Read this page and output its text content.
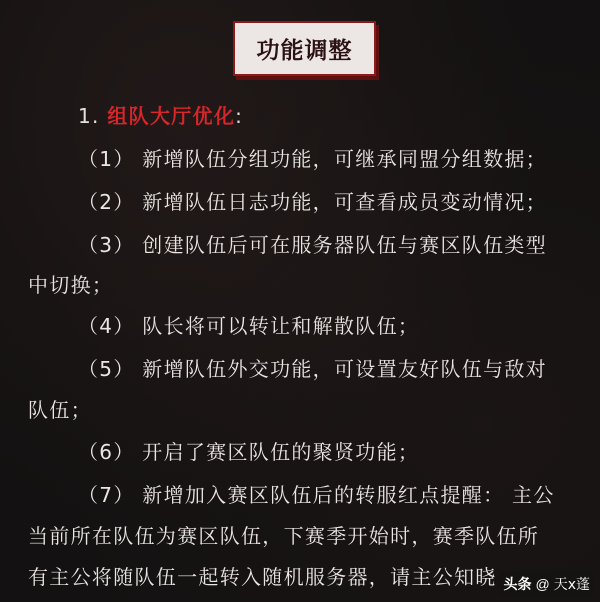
功能调整
1. 组队大厅优化:
（1） 新增队伍分组功能，可继承同盟分组数据；
（2） 新增队伍日志功能，可查看成员变动情况；
（3） 创建队伍后可在服务器队伍与赛区队伍类型
中切换；
（4） 队长将可以转让和解散队伍；
（5） 新增队伍外交功能，可设置友好队伍与敌对
队伍；
（6） 开启了赛区队伍的聚贤功能；
（7） 新增加入赛区队伍后的转服红点提醒： 主公
当前所在队伍为赛区队伍，下赛季开始时，赛季队伍所
有主公将随队伍一起转入随机服务器，请主公知晓 头条 @ 天x蓬
